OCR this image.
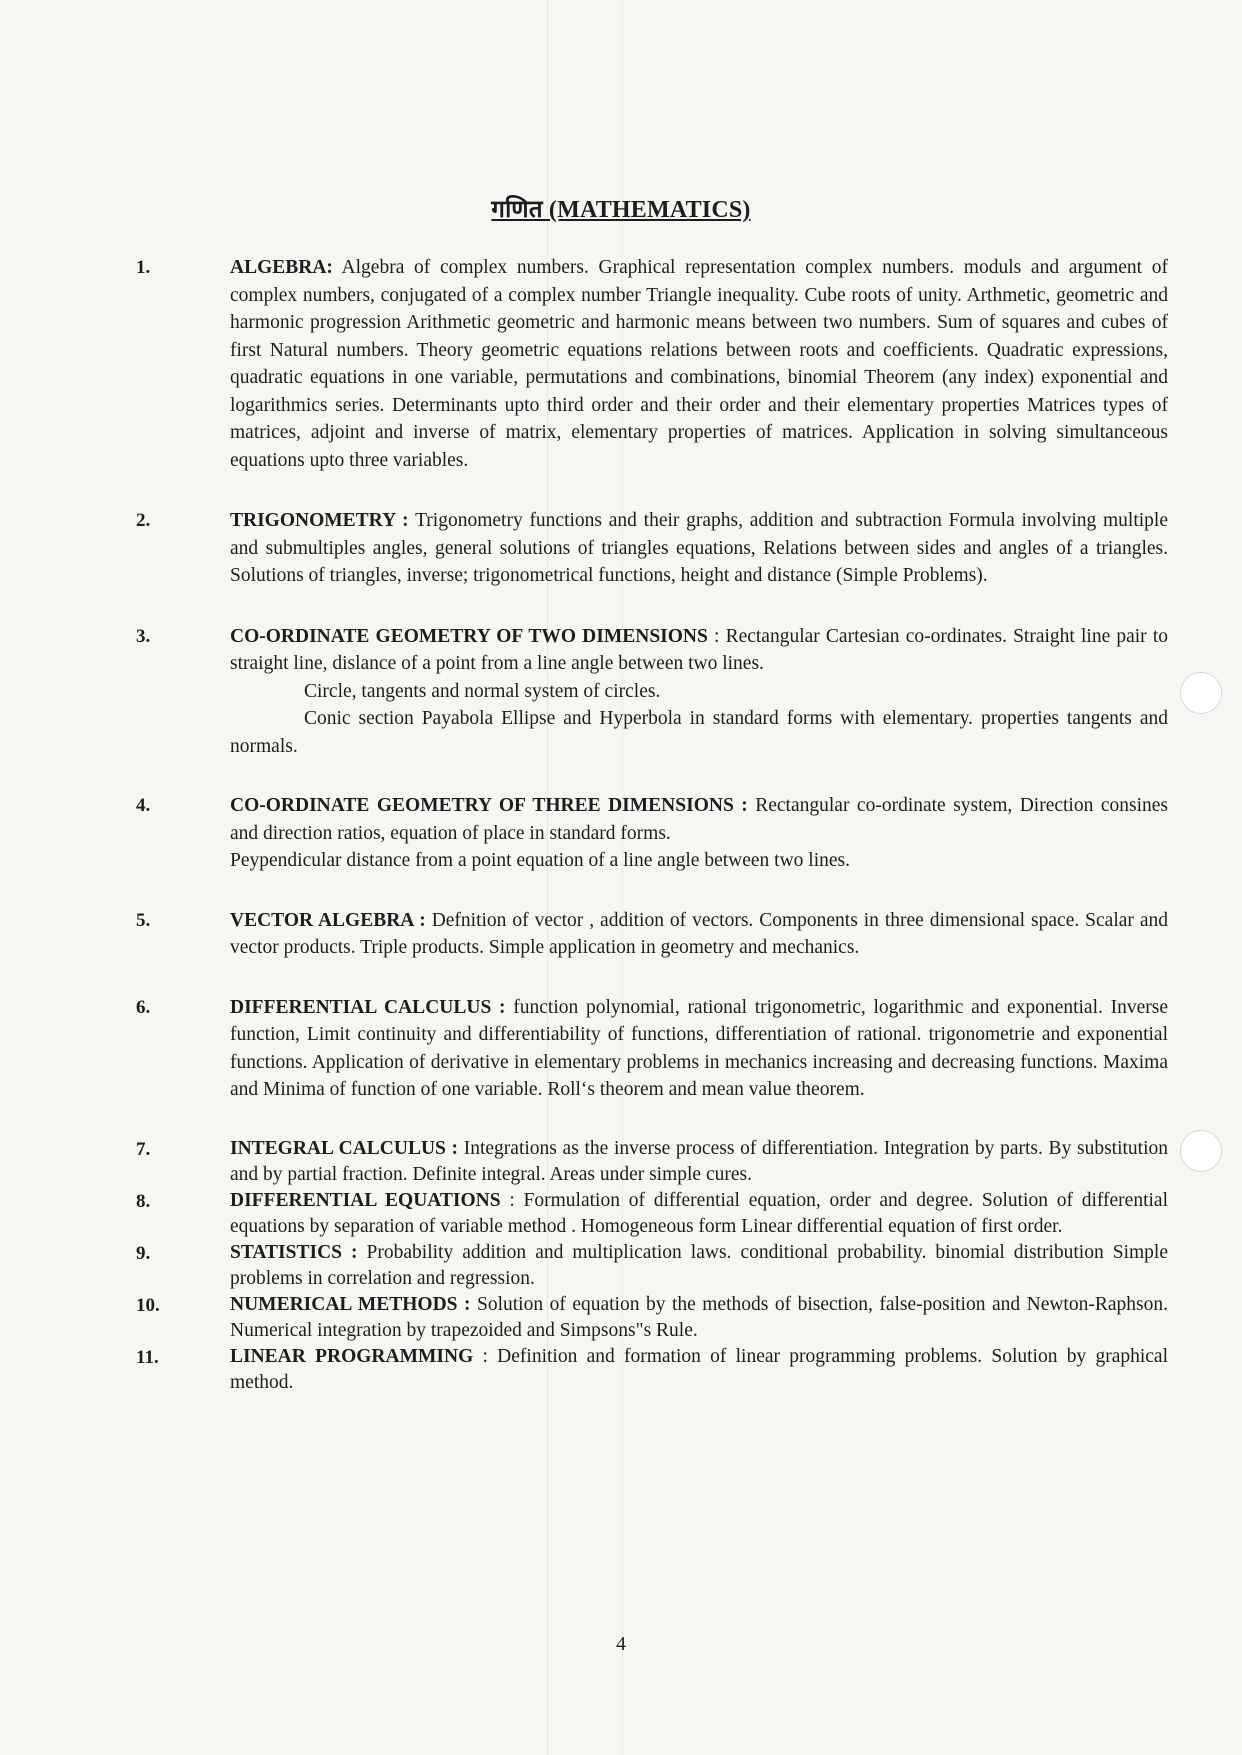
गणित (MATHEMATICS)
1.	ALGEBRA: Algebra of complex numbers. Graphical representation complex numbers. moduls and argument of complex numbers, conjugated of a complex number Triangle inequality. Cube roots of unity. Arthmetic, geometric and harmonic progression Arithmetic geometric and harmonic means between two numbers. Sum of squares and cubes of first Natural numbers. Theory geometric equations relations between roots and coefficients. Quadratic expressions, quadratic equations in one variable, permutations and combinations, binomial Theorem (any index) exponential and logarithmics series. Determinants upto third order and their order and their elementary properties Matrices types of matrices, adjoint and inverse of matrix, elementary properties of matrices. Application in solving simultanceous equations upto three variables.
2.	TRIGONOMETRY : Trigonometry functions and their graphs, addition and subtraction Formula involving multiple and submultiples angles, general solutions of triangles equations, Relations between sides and angles of a triangles. Solutions of triangles, inverse; trigonometrical functions, height and distance (Simple Problems).
3.	CO-ORDINATE GEOMETRY OF TWO DIMENSIONS : Rectangular Cartesian co-ordinates. Straight line pair to straight line, dislance of a point from a line angle between two lines.
Circle, tangents and normal system of circles.
Conic section Payabola Ellipse and Hyperbola in standard forms with elementary. properties tangents and normals.
4.	CO-ORDINATE GEOMETRY OF THREE DIMENSIONS : Rectangular co-ordinate system, Direction consines and direction ratios, equation of place in standard forms.
Peypendicular distance from a point equation of a line angle between two lines.
5.	VECTOR ALGEBRA : Defnition of vector , addition of vectors. Components in three dimensional space. Scalar and vector products. Triple products. Simple application in geometry and mechanics.
6.	DIFFERENTIAL CALCULUS : function polynomial, rational trigonometric, logarithmic and exponential. Inverse function, Limit continuity and differentiability of functions, differentiation of rational. trigonometrie and exponential functions. Application of derivative in elementary problems in mechanics increasing and decreasing functions. Maxima and Minima of function of one variable. Roll‘s theorem and mean value theorem.
7.	INTEGRAL CALCULUS : Integrations as the inverse process of differentiation. Integration by parts. By substitution and by partial fraction. Definite integral. Areas under simple cures.
8.	DIFFERENTIAL EQUATIONS : Formulation of differential equation, order and degree. Solution of differential equations by separation of variable method . Homogeneous form Linear differential equation of first order.
9.	STATISTICS : Probability addition and multiplication laws. conditional probability. binomial distribution Simple problems in correlation and regression.
10.	NUMERICAL METHODS : Solution of equation by the methods of bisection, false-position and Newton-Raphson. Numerical integration by trapezoided and Simpsons"s Rule.
11.	LINEAR PROGRAMMING : Definition and formation of linear programming problems. Solution by graphical method.
4
